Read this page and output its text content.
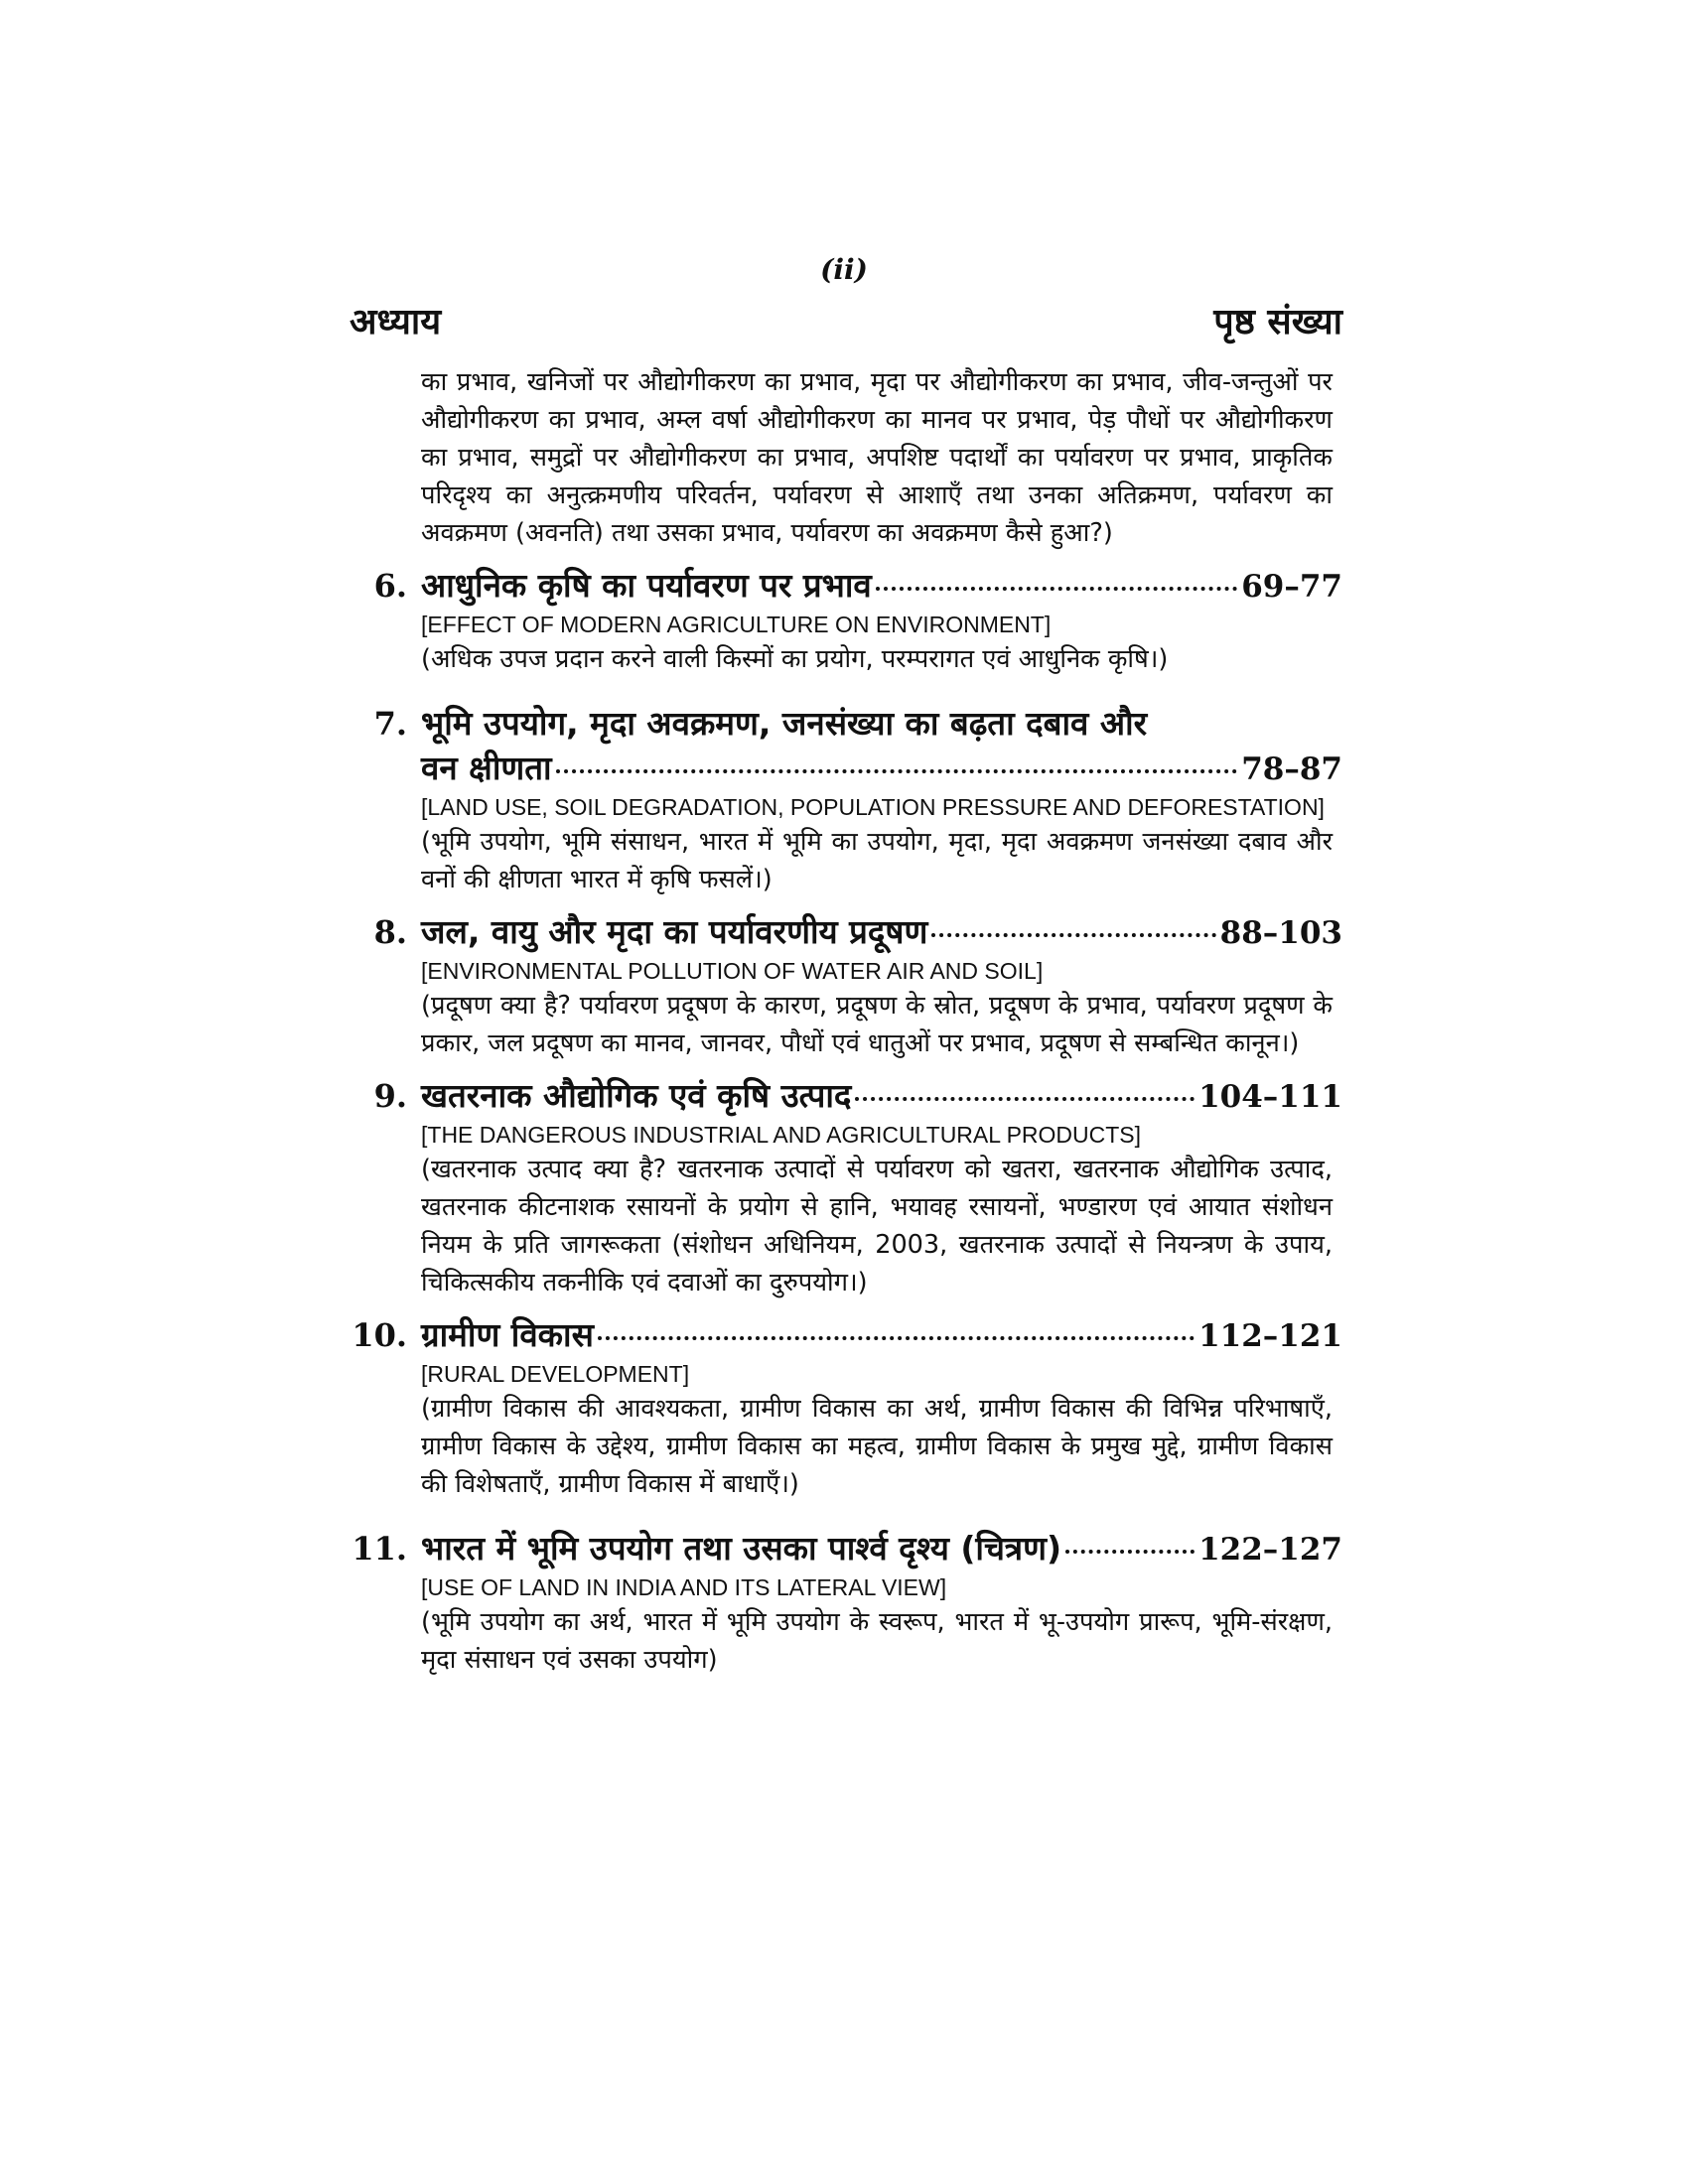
(ii)
अध्याय	पृष्ठ संख्या

का प्रभाव, खनिजों पर औद्योगीकरण का प्रभाव, मृदा पर औद्योगीकरण का प्रभाव, जीव-जन्तुओं पर औद्योगीकरण का प्रभाव, अम्ल वर्षा औद्योगीकरण का मानव पर प्रभाव, पेड़ पौधों पर औद्योगीकरण का प्रभाव, समुद्रों पर औद्योगीकरण का प्रभाव, अपशिष्ट पदार्थों का पर्यावरण पर प्रभाव, प्राकृतिक परिदृश्य का अनुत्क्रमणीय परिवर्तन, पर्यावरण से आशाएँ तथा उनका अतिक्रमण, पर्यावरण का अवक्रमण (अवनति) तथा उसका प्रभाव, पर्यावरण का अवक्रमण कैसे हुआ?)

6. आधुनिक कृषि का पर्यावरण पर प्रभाव	69–77
[EFFECT OF MODERN AGRICULTURE ON ENVIRONMENT]

(अधिक उपज प्रदान करने वाली किस्मों का प्रयोग, परम्परागत एवं आधुनिक कृषि।)

7. भूमि उपयोग, मृदा अवक्रमण, जनसंख्या का बढ़ता दबाव और
वन क्षीणता	78–87
[LAND USE, SOIL DEGRADATION, POPULATION PRESSURE AND DEFORESTATION]

(भूमि उपयोग, भूमि संसाधन, भारत में भूमि का उपयोग, मृदा, मृदा अवक्रमण जनसंख्या दबाव और वनों की क्षीणता भारत में कृषि फसलें।)

8. जल, वायु और मृदा का पर्यावरणीय प्रदूषण	88–103
[ENVIRONMENTAL POLLUTION OF WATER AIR AND SOIL]

(प्रदूषण क्या है? पर्यावरण प्रदूषण के कारण, प्रदूषण के स्रोत, प्रदूषण के प्रभाव, पर्यावरण प्रदूषण के प्रकार, जल प्रदूषण का मानव, जानवर, पौधों एवं धातुओं पर प्रभाव, प्रदूषण से सम्बन्धित कानून।)

9. खतरनाक औद्योगिक एवं कृषि उत्पाद	104–111
[THE DANGEROUS INDUSTRIAL AND AGRICULTURAL PRODUCTS]

(खतरनाक उत्पाद क्या है? खतरनाक उत्पादों से पर्यावरण को खतरा, खतरनाक औद्योगिक उत्पाद, खतरनाक कीटनाशक रसायनों के प्रयोग से हानि, भयावह रसायनों, भण्डारण एवं आयात संशोधन नियम के प्रति जागरूकता (संशोधन अधिनियम, 2003, खतरनाक उत्पादों से नियन्त्रण के उपाय, चिकित्सकीय तकनीकि एवं दवाओं का दुरुपयोग।)

10. ग्रामीण विकास	112–121
[RURAL DEVELOPMENT]

(ग्रामीण विकास की आवश्यकता, ग्रामीण विकास का अर्थ, ग्रामीण विकास की विभिन्न परिभाषाएँ, ग्रामीण विकास के उद्देश्य, ग्रामीण विकास का महत्व, ग्रामीण विकास के प्रमुख मुद्दे, ग्रामीण विकास की विशेषताएँ, ग्रामीण विकास में बाधाएँ।)

11. भारत में भूमि उपयोग तथा उसका पार्श्व दृश्य (चित्रण)	122–127
[USE OF LAND IN INDIA AND ITS LATERAL VIEW]

(भूमि उपयोग का अर्थ, भारत में भूमि उपयोग के स्वरूप, भारत में भू-उपयोग प्रारूप, भूमि-संरक्षण, मृदा संसाधन एवं उसका उपयोग)
